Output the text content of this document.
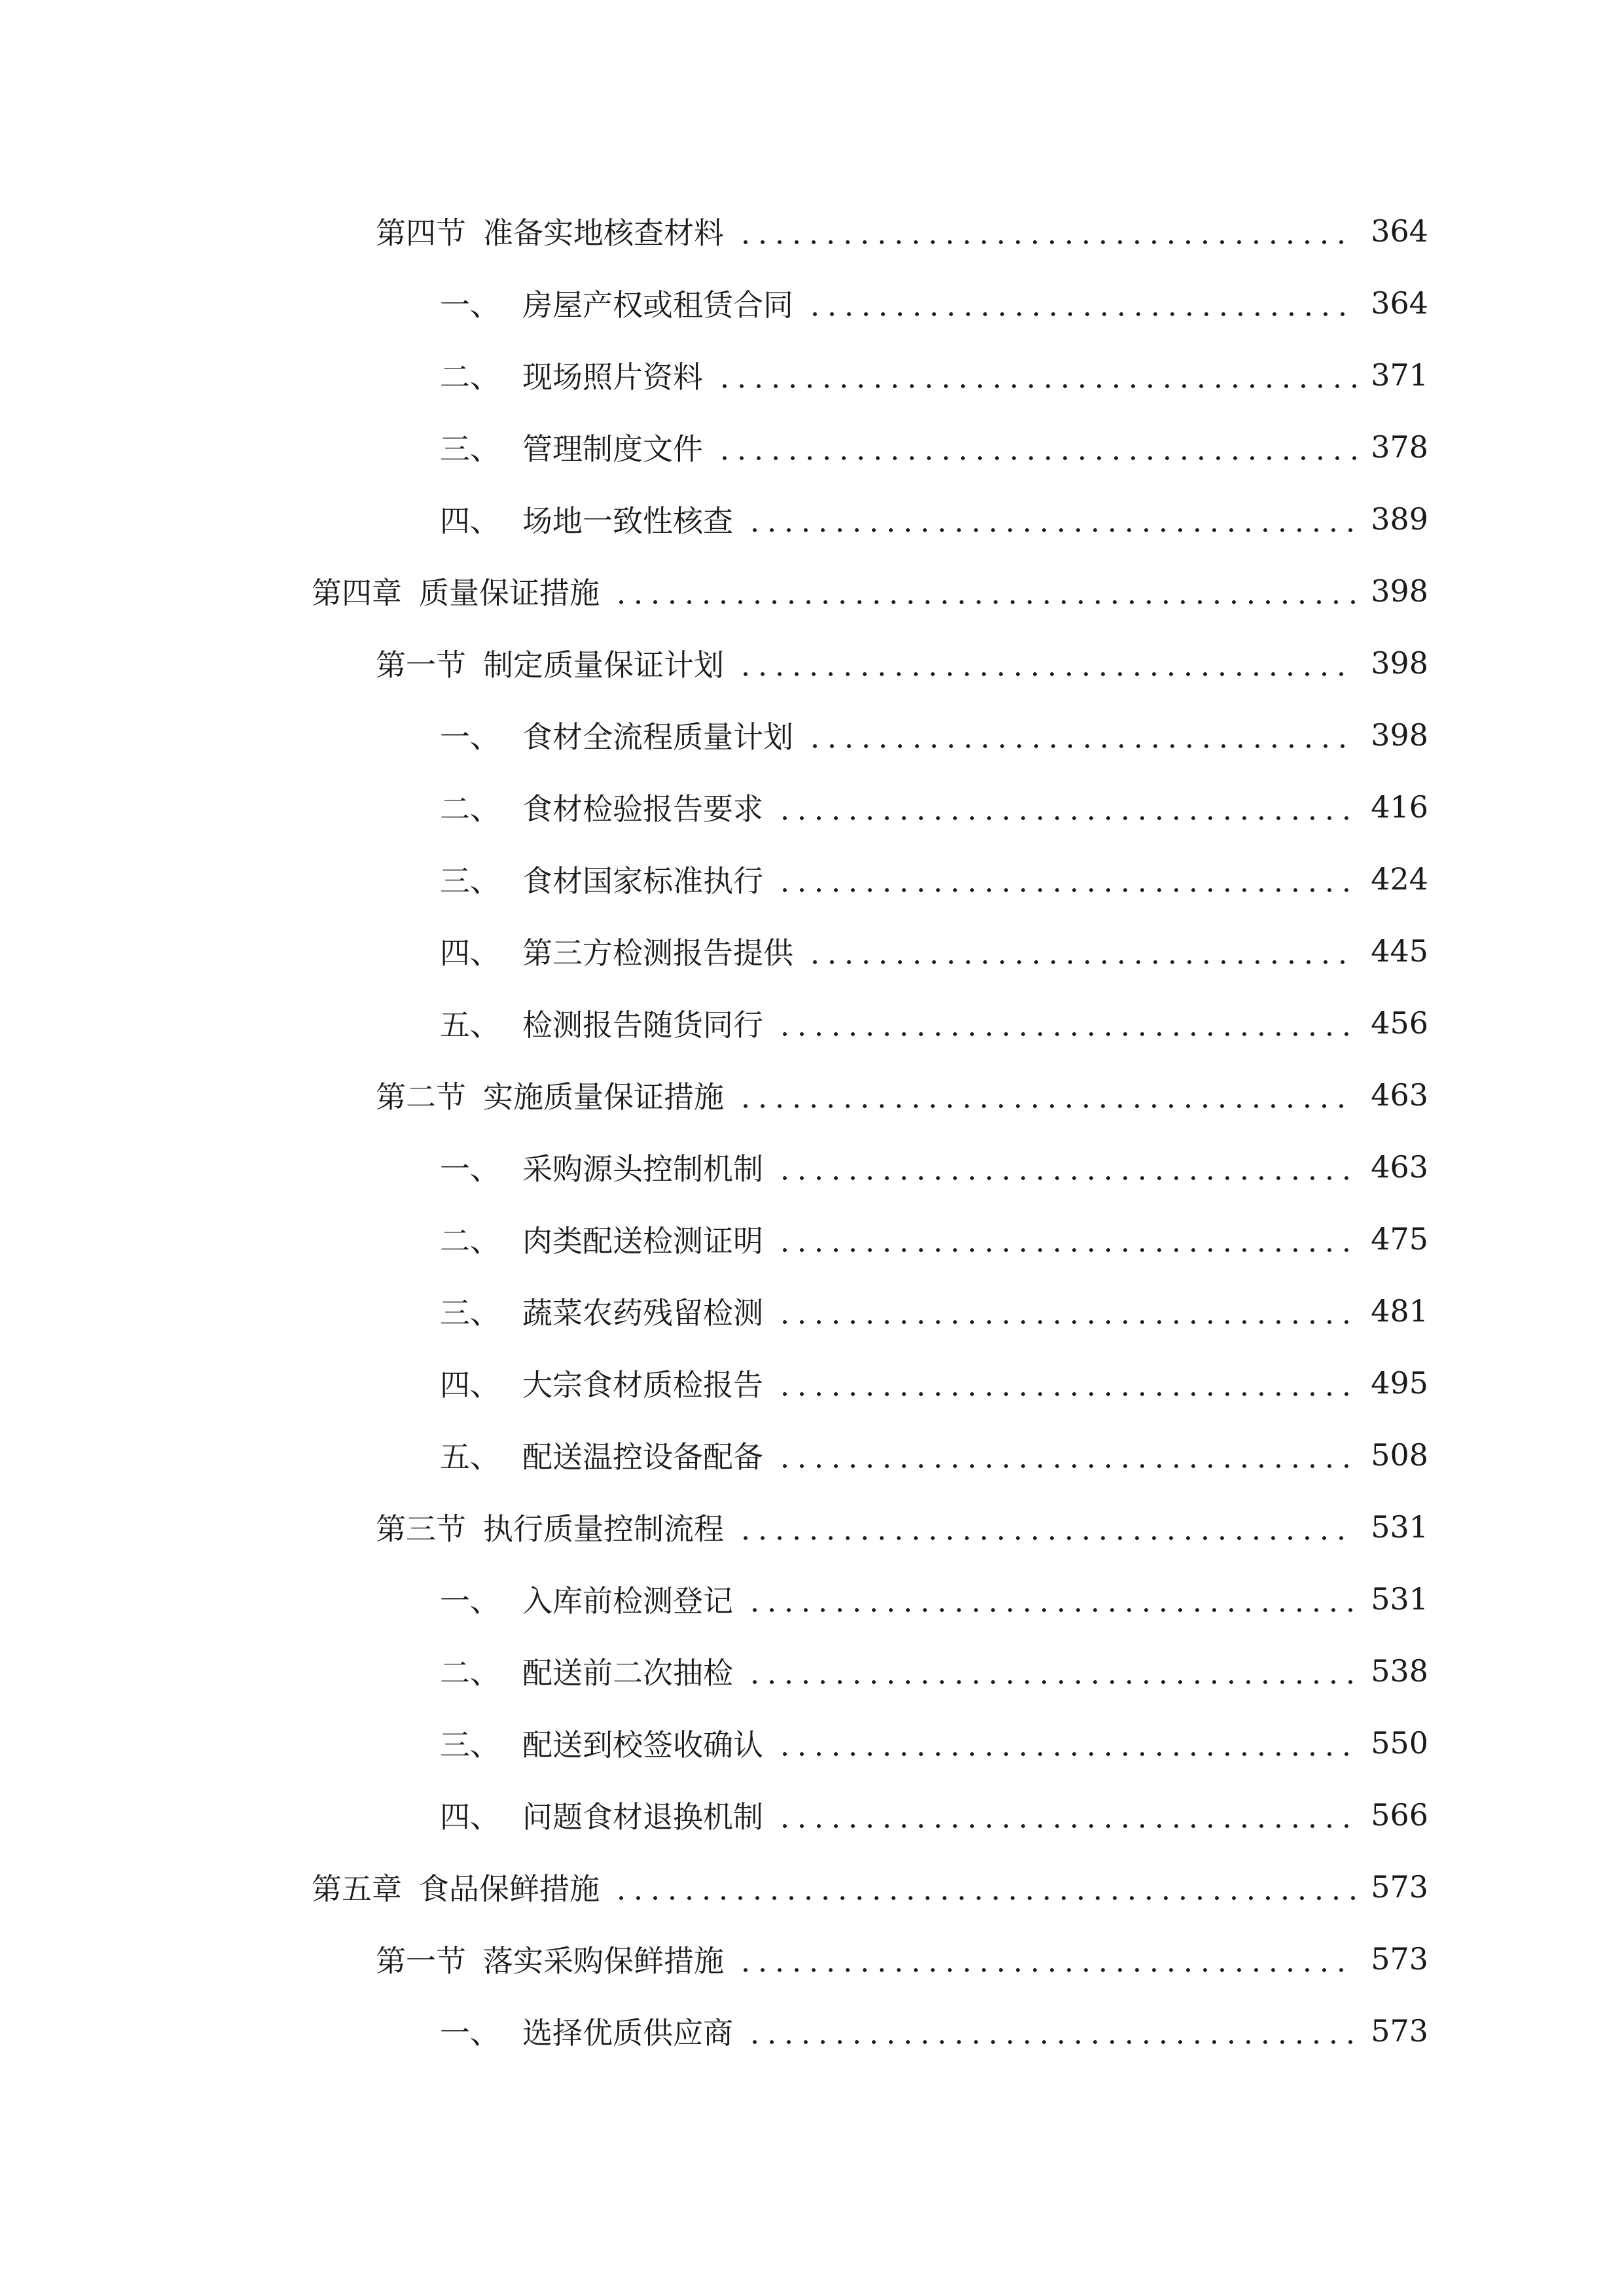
第四节 准备实地核查材料	364
一、 房屋产权或租赁合同	364
二、 现场照片资料	371
三、 管理制度文件	378
四、 场地一致性核查	389
第四章 质量保证措施	398
第一节 制定质量保证计划	398
一、 食材全流程质量计划	398
二、 食材检验报告要求	416
三、 食材国家标准执行	424
四、 第三方检测报告提供	445
五、 检测报告随货同行	456
第二节 实施质量保证措施	463
一、 采购源头控制机制	463
二、 肉类配送检测证明	475
三、 蔬菜农药残留检测	481
四、 大宗食材质检报告	495
五、 配送温控设备配备	508
第三节 执行质量控制流程	531
一、 入库前检测登记	531
二、 配送前二次抽检	538
三、 配送到校签收确认	550
四、 问题食材退换机制	566
第五章 食品保鲜措施	573
第一节 落实采购保鲜措施	573
一、 选择优质供应商	573
